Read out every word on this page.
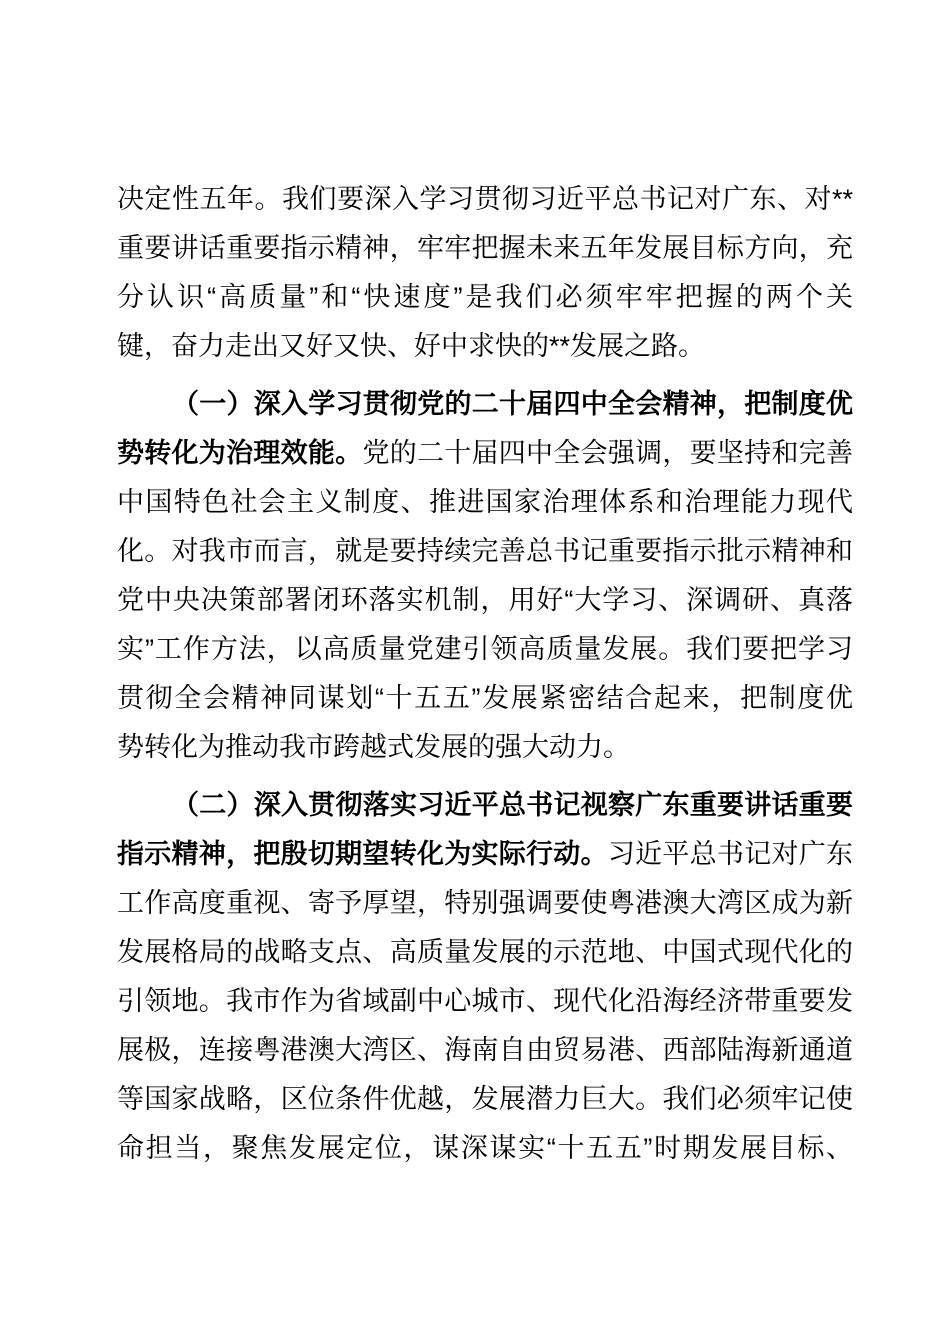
决定性五年。我们要深入学习贯彻习近平总书记对广东、对**
重要讲话重要指示精神，牢牢把握未来五年发展目标方向，充
分认识“高质量”和“快速度”是我们必须牢牢把握的两个关
键，奋力走出又好又快、好中求快的**发展之路。
（一）深入学习贯彻党的二十届四中全会精神，把制度优
势转化为治理效能。党的二十届四中全会强调，要坚持和完善
中国特色社会主义制度、推进国家治理体系和治理能力现代
化。对我市而言，就是要持续完善总书记重要指示批示精神和
党中央决策部署闭环落实机制，用好“大学习、深调研、真落
实”工作方法，以高质量党建引领高质量发展。我们要把学习
贯彻全会精神同谋划“十五五”发展紧密结合起来，把制度优
势转化为推动我市跨越式发展的强大动力。
（二）深入贯彻落实习近平总书记视察广东重要讲话重要
指示精神，把殷切期望转化为实际行动。习近平总书记对广东
工作高度重视、寄予厚望，特别强调要使粤港澳大湾区成为新
发展格局的战略支点、高质量发展的示范地、中国式现代化的
引领地。我市作为省域副中心城市、现代化沿海经济带重要发
展极，连接粤港澳大湾区、海南自由贸易港、西部陆海新通道
等国家战略，区位条件优越，发展潜力巨大。我们必须牢记使
命担当，聚焦发展定位，谋深谋实“十五五”时期发展目标、
